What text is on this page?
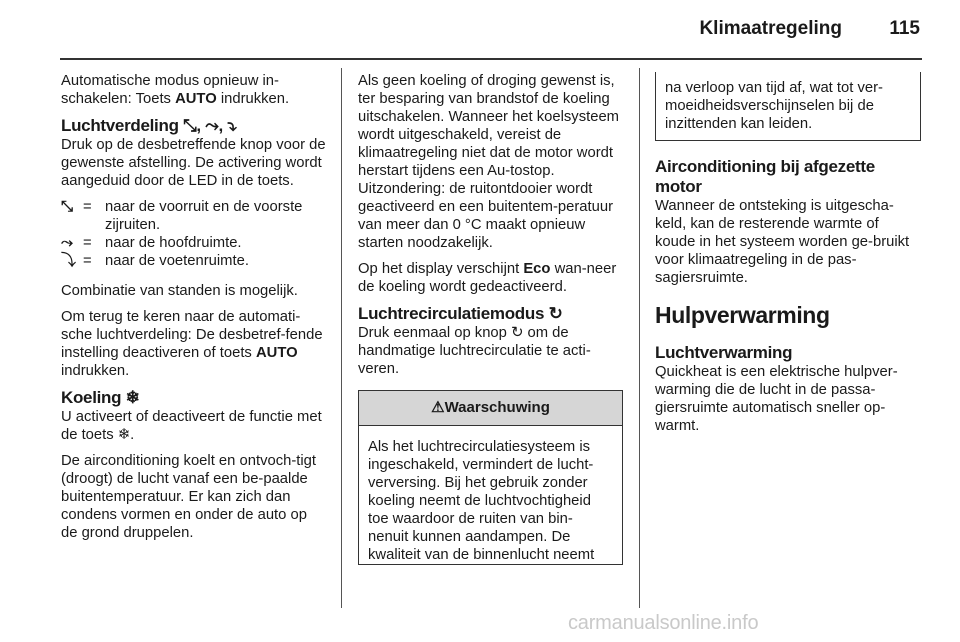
Klimaatregeling 115

Automatische modus opnieuw in-schakelen: Toets AUTO indrukken.

Luchtverdeling ⤡, ⤳, ⤵

Druk op de desbetreffende knop voor de gewenste afstelling. De activering wordt aangeduid door de LED in de toets.

⤡ = naar de voorruit en de voorste zijruiten.
⤳ = naar de hoofdruimte.
⤵ = naar de voetenruimte.

Combinatie van standen is mogelijk.

Om terug te keren naar de automati-sche luchtverdeling: De desbetref-fende instelling deactiveren of toets AUTO indrukken.

Koeling ❄

U activeert of deactiveert de functie met de toets ❄.

De airconditioning koelt en ontvoch-tigt (droogt) de lucht vanaf een be-paalde buitentemperatuur. Er kan zich dan condens vormen en onder de auto op de grond druppelen.

Als geen koeling of droging gewenst is, ter besparing van brandstof de koeling uitschakelen. Wanneer het koelsysteem wordt uitgeschakeld, vereist de klimaatregeling niet dat de motor wordt herstart tijdens een Au-tostop. Uitzondering: de ruitontdooier wordt geactiveerd en een buitentem-peratuur van meer dan 0 °C maakt opnieuw starten noodzakelijk.

Op het display verschijnt Eco wan-neer de koeling wordt gedeactiveerd.

Luchtrecirculatiemodus ↻

Druk eenmaal op knop ↻ om de handmatige luchtrecirculatie te acti-veren.

⚠Waarschuwing
Als het luchtrecirculatiesysteem is ingeschakeld, vermindert de lucht-verversing. Bij het gebruik zonder koeling neemt de luchtvochtigheid toe waardoor de ruiten van bin-nenuit kunnen aandampen. De kwaliteit van de binnenlucht neemt
na verloop van tijd af, wat tot ver-moeidheidsverschijnselen bij de inzittenden kan leiden.
Airconditioning bij afgezette motor

Wanneer de ontsteking is uitgescha-keld, kan de resterende warmte of koude in het systeem worden ge-bruikt voor klimaatregeling in de pas-sagiersruimte.

Hulpverwarming
Luchtverwarming

Quickheat is een elektrische hulpver-warming die de lucht in de passa-giersruimte automatisch sneller op-warmt.

carmanualsonline.info
